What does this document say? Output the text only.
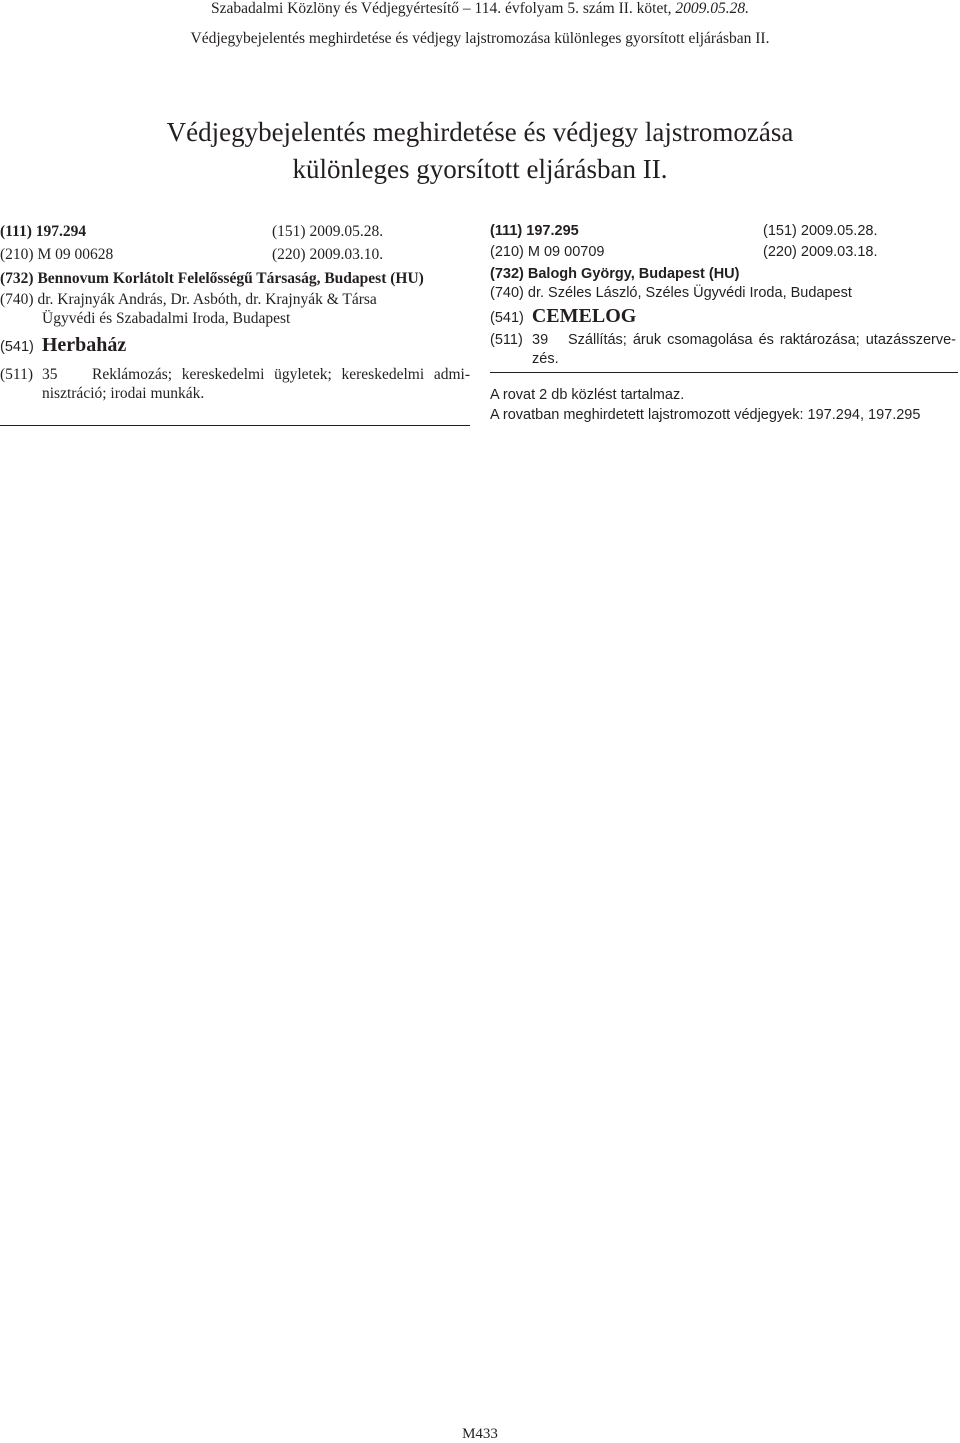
Szabadalmi Közlöny és Védjegyértesítő – 114. évfolyam 5. szám II. kötet, 2009.05.28.
Védjegybejelentés meghirdetése és védjegy lajstromozása különleges gyorsított eljárásban II.
Védjegybejelentés meghirdetése és védjegy lajstromozása
különleges gyorsított eljárásban II.
(111) 197.294	(151) 2009.05.28.
(210) M 09 00628	(220) 2009.03.10.
(732) Bennovum Korlátolt Felelősségű Társaság, Budapest (HU)
(740) dr. Krajnyák András, Dr. Asbóth, dr. Krajnyák & Társa
Ügyvédi és Szabadalmi Iroda, Budapest
(541) Herbaház
(511) 35 Reklámozás; kereskedelmi ügyletek; kereskedelmi admi-
nisztráció; irodai munkák.
(111) 197.295	(151) 2009.05.28.
(210) M 09 00709	(220) 2009.03.18.
(732) Balogh György, Budapest (HU)
(740) dr. Széles László, Széles Ügyvédi Iroda, Budapest
(541) CEMELOG
(511) 39 Szállítás; áruk csomagolása és raktározása; utazásszerve-
zés.
A rovat 2 db közlést tartalmaz.
A rovatban meghirdetett lajstromozott védjegyek: 197.294, 197.295
M433
